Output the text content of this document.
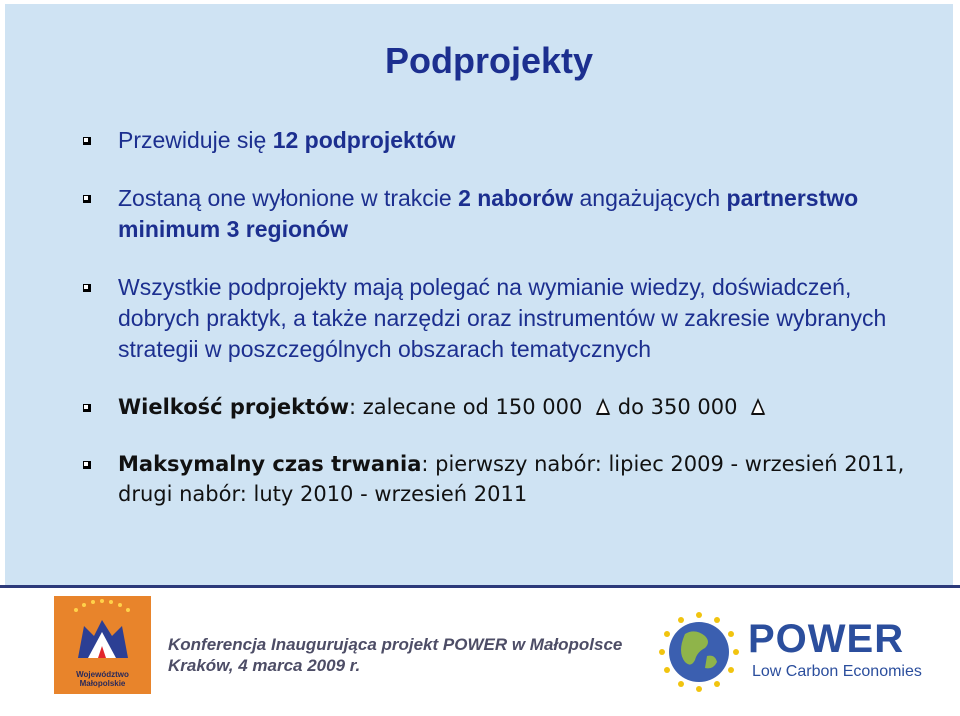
Podprojekty
Przewiduje się 12 podprojektów
Zostaną one wyłonione w trakcie 2 naborów angażujących partnerstwo minimum 3 regionów
Wszystkie podprojekty mają polegać na wymianie wiedzy, doświadczeń, dobrych praktyk, a także narzędzi oraz instrumentów w zakresie wybranych strategii w poszczególnych obszarach tematycznych
Wielkość projektów: zalecane od 150 000  do 350 000
Maksymalny czas trwania: pierwszy nabór: lipiec 2009 - wrzesień 2011, drugi nabór: luty 2010 - wrzesień 2011
Województwo
Małopolskie
Konferencja Inaugurująca projekt POWER w Małopolsce
Kraków, 4 marca 2009 r.
POWER
Low Carbon Economies
